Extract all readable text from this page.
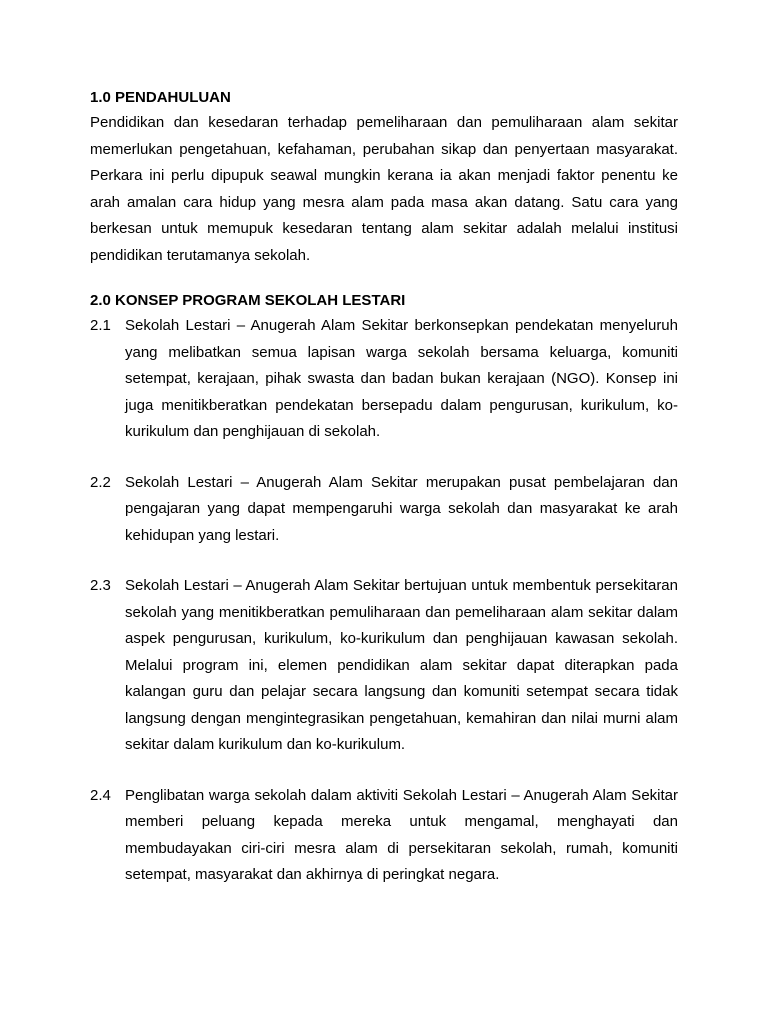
1.0 PENDAHULUAN

Pendidikan dan kesedaran terhadap pemeliharaan dan pemuliharaan alam sekitar memerlukan pengetahuan, kefahaman, perubahan sikap dan penyertaan masyarakat. Perkara ini perlu dipupuk seawal mungkin kerana ia akan menjadi faktor penentu ke arah amalan cara hidup yang mesra alam pada masa akan datang. Satu cara yang berkesan untuk memupuk kesedaran tentang alam sekitar adalah melalui institusi pendidikan terutamanya sekolah.

2.0 KONSEP PROGRAM SEKOLAH LESTARI
2.1 Sekolah Lestari – Anugerah Alam Sekitar berkonsepkan pendekatan menyeluruh yang melibatkan semua lapisan warga sekolah bersama keluarga, komuniti setempat, kerajaan, pihak swasta dan badan bukan kerajaan (NGO). Konsep ini juga menitikberatkan pendekatan bersepadu dalam pengurusan, kurikulum, ko-kurikulum dan penghijauan di sekolah.
2.2 Sekolah Lestari – Anugerah Alam Sekitar merupakan pusat pembelajaran dan pengajaran yang dapat mempengaruhi warga sekolah dan masyarakat ke arah kehidupan yang lestari.
2.3 Sekolah Lestari – Anugerah Alam Sekitar bertujuan untuk membentuk persekitaran sekolah yang menitikberatkan pemuliharaan dan pemeliharaan alam sekitar dalam aspek pengurusan, kurikulum, ko-kurikulum dan penghijauan kawasan sekolah. Melalui program ini, elemen pendidikan alam sekitar dapat diterapkan pada kalangan guru dan pelajar secara langsung dan komuniti setempat secara tidak langsung dengan mengintegrasikan pengetahuan, kemahiran dan nilai murni alam sekitar dalam kurikulum dan ko-kurikulum.
2.4 Penglibatan warga sekolah dalam aktiviti Sekolah Lestari – Anugerah Alam Sekitar memberi peluang kepada mereka untuk mengamal, menghayati dan membudayakan ciri-ciri mesra alam di persekitaran sekolah, rumah, komuniti setempat, masyarakat dan akhirnya di peringkat negara.
